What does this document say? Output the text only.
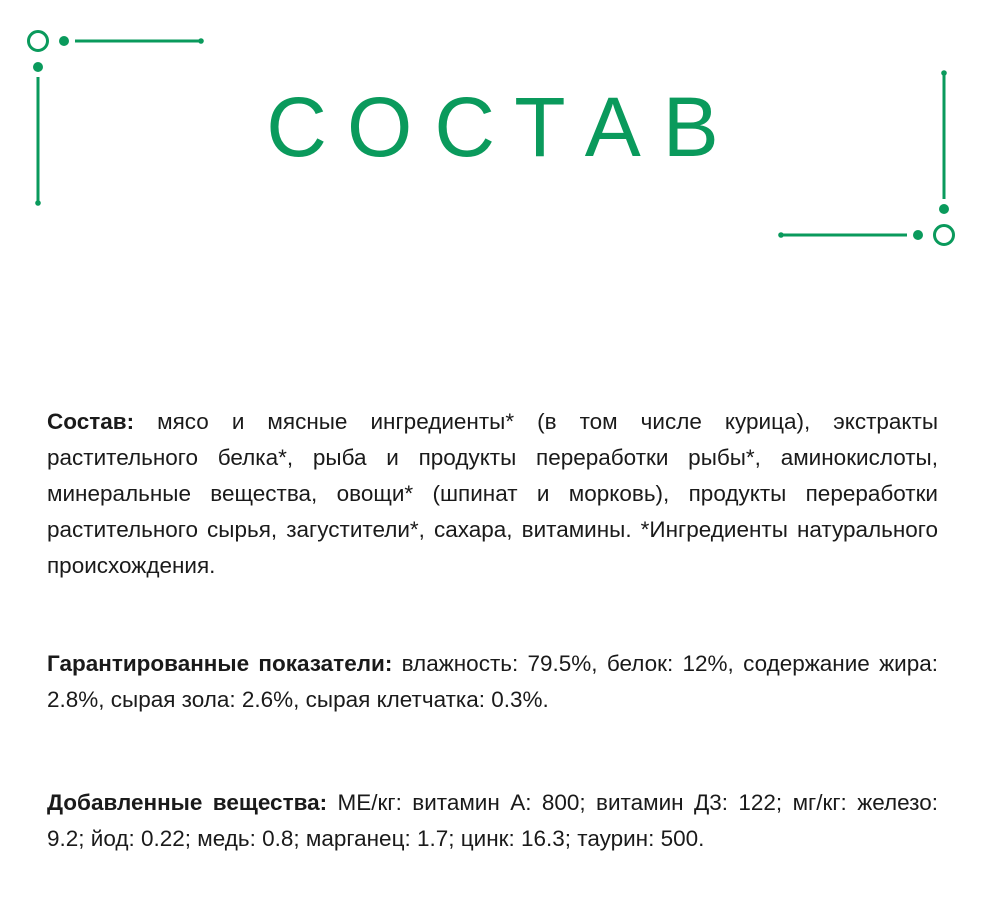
СОСТАВ

Состав: мясо и мясные ингредиенты* (в том числе курица), экстракты растительного белка*, рыба и продукты переработки рыбы*, аминокислоты, минеральные вещества, овощи* (шпинат и морковь), продукты переработки растительного сырья, загустители*, сахара, витамины. *Ингредиенты натурального происхождения.

Гарантированные показатели: влажность: 79.5%, белок: 12%, содержание жира: 2.8%, сырая зола: 2.6%, сырая клетчатка: 0.3%.

Добавленные вещества: МЕ/кг: витамин А: 800; витамин Д3: 122; мг/кг: железо: 9.2; йод: 0.22; медь: 0.8; марганец: 1.7; цинк: 16.3; таурин: 500.
